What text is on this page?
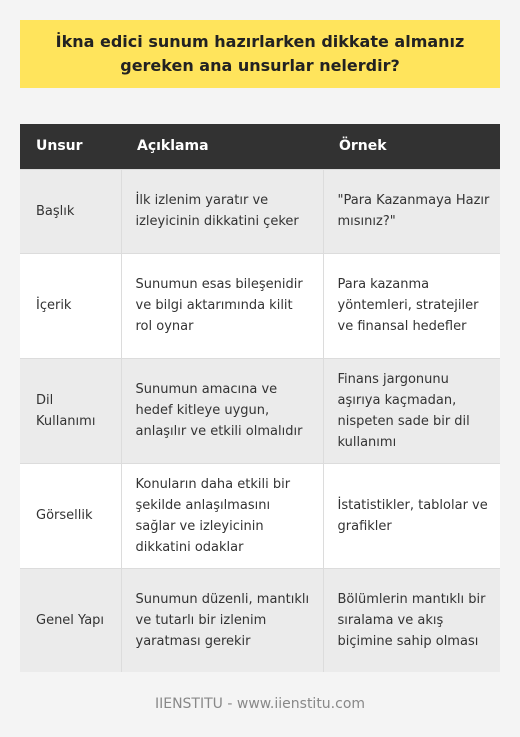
İkna edici sunum hazırlarken dikkate almanız gereken ana unsurlar nelerdir?
Unsur	Açıklama	Örnek
Başlık	İlk izlenim yaratır ve izleyicinin dikkatini çeker	"Para Kazanmaya Hazır mısınız?"
İçerik	Sunumun esas bileşenidir ve bilgi aktarımında kilit rol oynar	Para kazanma yöntemleri, stratejiler ve finansal hedefler
Dil Kullanımı	Sunumun amacına ve hedef kitleye uygun, anlaşılır ve etkili olmalıdır	Finans jargonunu aşırıya kaçmadan, nispeten sade bir dil kullanımı
Görsellik	Konuların daha etkili bir şekilde anlaşılmasını sağlar ve izleyicinin dikkatini odaklar	İstatistikler, tablolar ve grafikler
Genel Yapı	Sunumun düzenli, mantıklı ve tutarlı bir izlenim yaratması gerekir	Bölümlerin mantıklı bir sıralama ve akış biçimine sahip olması
IIENSTITU - www.iienstitu.com
